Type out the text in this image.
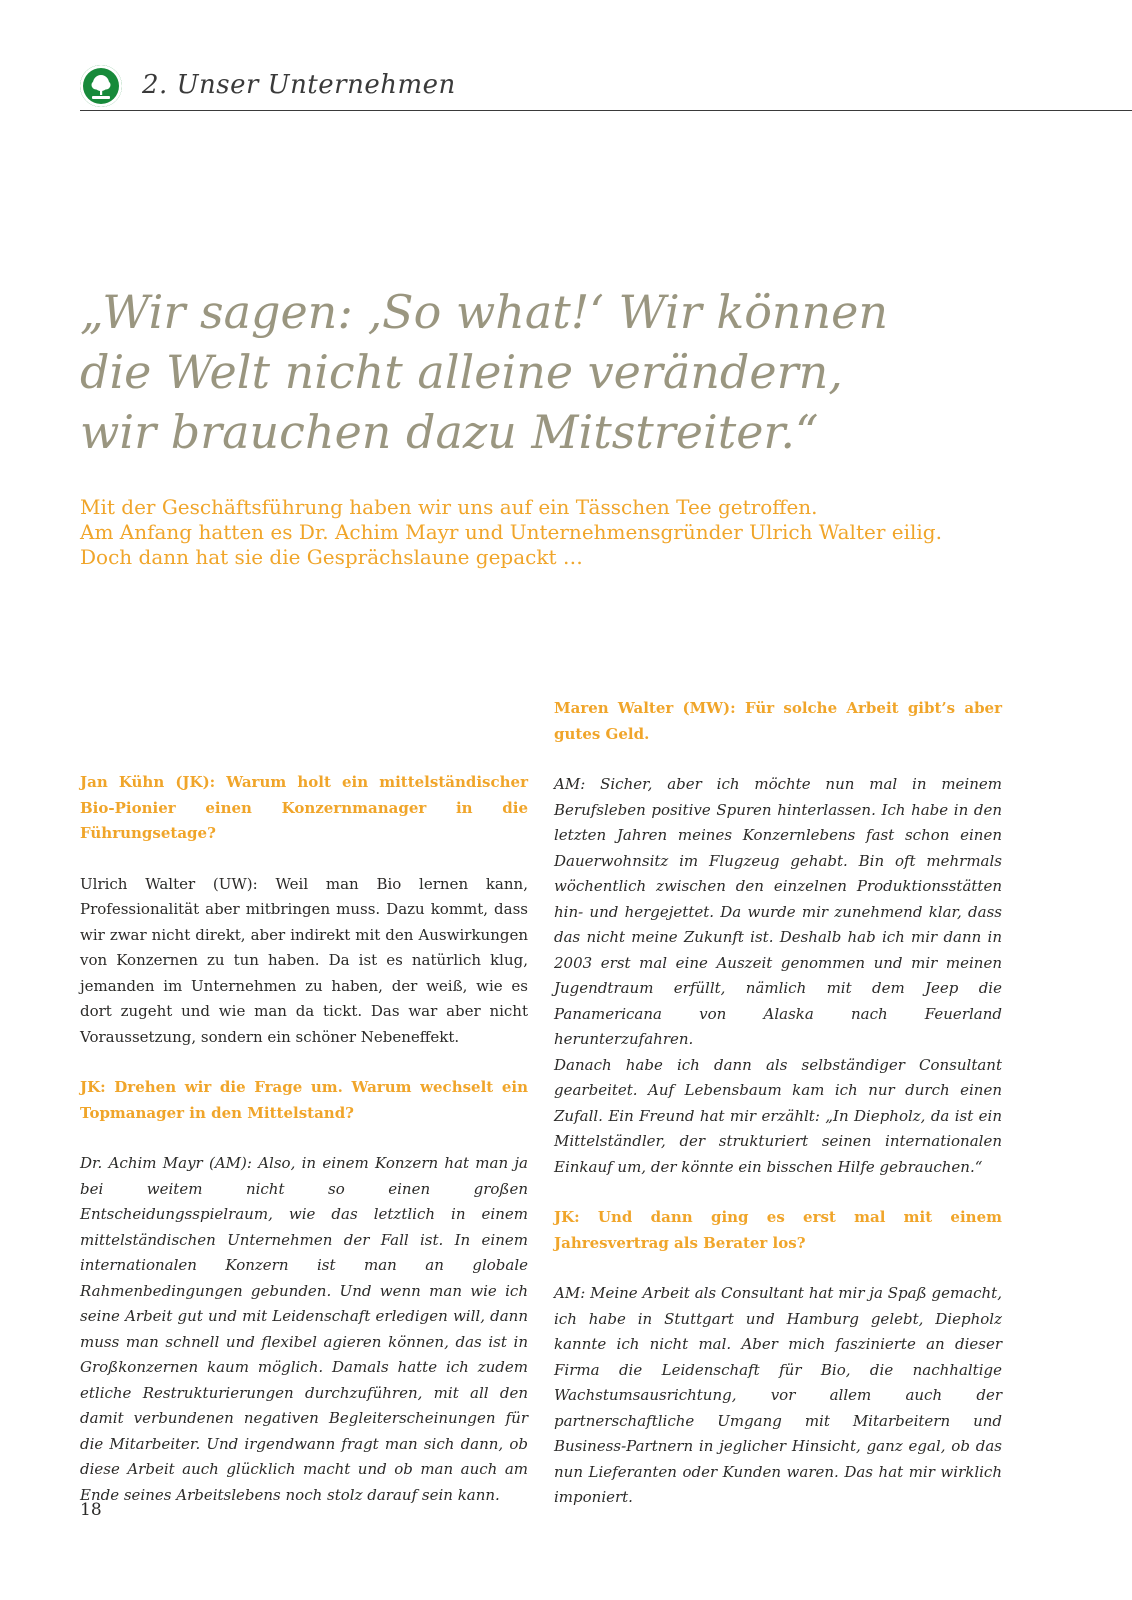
2. Unser Unternehmen
„Wir sagen: ‚So what!‘ Wir können
die Welt nicht alleine verändern,
wir brauchen dazu Mitstreiter.“
Mit der Geschäftsführung haben wir uns auf ein Tässchen Tee getroffen.
Am Anfang hatten es Dr. Achim Mayr und Unternehmensgründer Ulrich Walter eilig.
Doch dann hat sie die Gesprächslaune gepackt …

Jan Kühn (JK): Warum holt ein mittelständischer Bio-Pionier einen Konzernmanager in die Führungsetage?

Ulrich Walter (UW): Weil man Bio lernen kann, Professionalität aber mitbringen muss. Dazu kommt, dass wir zwar nicht direkt, aber indirekt mit den Auswirkungen von Konzernen zu tun haben. Da ist es natürlich klug, jemanden im Unternehmen zu haben, der weiß, wie es dort zugeht und wie man da tickt. Das war aber nicht Voraussetzung, sondern ein schöner Nebeneffekt.

JK: Drehen wir die Frage um. Warum wechselt ein Topmanager in den Mittelstand?

Dr. Achim Mayr (AM): Also, in einem Konzern hat man ja bei weitem nicht so einen großen Entscheidungsspielraum, wie das letztlich in einem mittelständischen Unternehmen der Fall ist. In einem internationalen Konzern ist man an globale Rahmenbedingungen gebunden. Und wenn man wie ich seine Arbeit gut und mit Leidenschaft erledigen will, dann muss man schnell und flexibel agieren können, das ist in Großkonzernen kaum möglich. Damals hatte ich zudem etliche Restrukturierungen durchzuführen, mit all den damit verbundenen negativen Begleiterscheinungen für die Mitarbeiter. Und irgendwann fragt man sich dann, ob diese Arbeit auch glücklich macht und ob man auch am Ende seines Arbeitslebens noch stolz darauf sein kann.

Maren Walter (MW): Für solche Arbeit gibt’s aber gutes Geld.

AM: Sicher, aber ich möchte nun mal in meinem Berufsleben positive Spuren hinterlassen. Ich habe in den letzten Jahren meines Konzernlebens fast schon einen Dauerwohnsitz im Flugzeug gehabt. Bin oft mehrmals wöchentlich zwischen den einzelnen Produktionsstätten hin- und hergejettet. Da wurde mir zunehmend klar, dass das nicht meine Zukunft ist. Deshalb hab ich mir dann in 2003 erst mal eine Auszeit genommen und mir meinen Jugendtraum erfüllt, nämlich mit dem Jeep die Panamericana von Alaska nach Feuerland herunterzufahren.

Danach habe ich dann als selbständiger Consultant gearbeitet. Auf Lebensbaum kam ich nur durch einen Zufall. Ein Freund hat mir erzählt: „In Diepholz, da ist ein Mittelständler, der strukturiert seinen internationalen Einkauf um, der könnte ein bisschen Hilfe gebrauchen.“

JK: Und dann ging es erst mal mit einem Jahresvertrag als Berater los?

AM: Meine Arbeit als Consultant hat mir ja Spaß gemacht, ich habe in Stuttgart und Hamburg gelebt, Diepholz kannte ich nicht mal. Aber mich faszinierte an dieser Firma die Leidenschaft für Bio, die nachhaltige Wachstumsausrichtung, vor allem auch der partnerschaftliche Umgang mit Mitarbeitern und Business-Partnern in jeglicher Hinsicht, ganz egal, ob das nun Lieferanten oder Kunden waren. Das hat mir wirklich imponiert.

18
